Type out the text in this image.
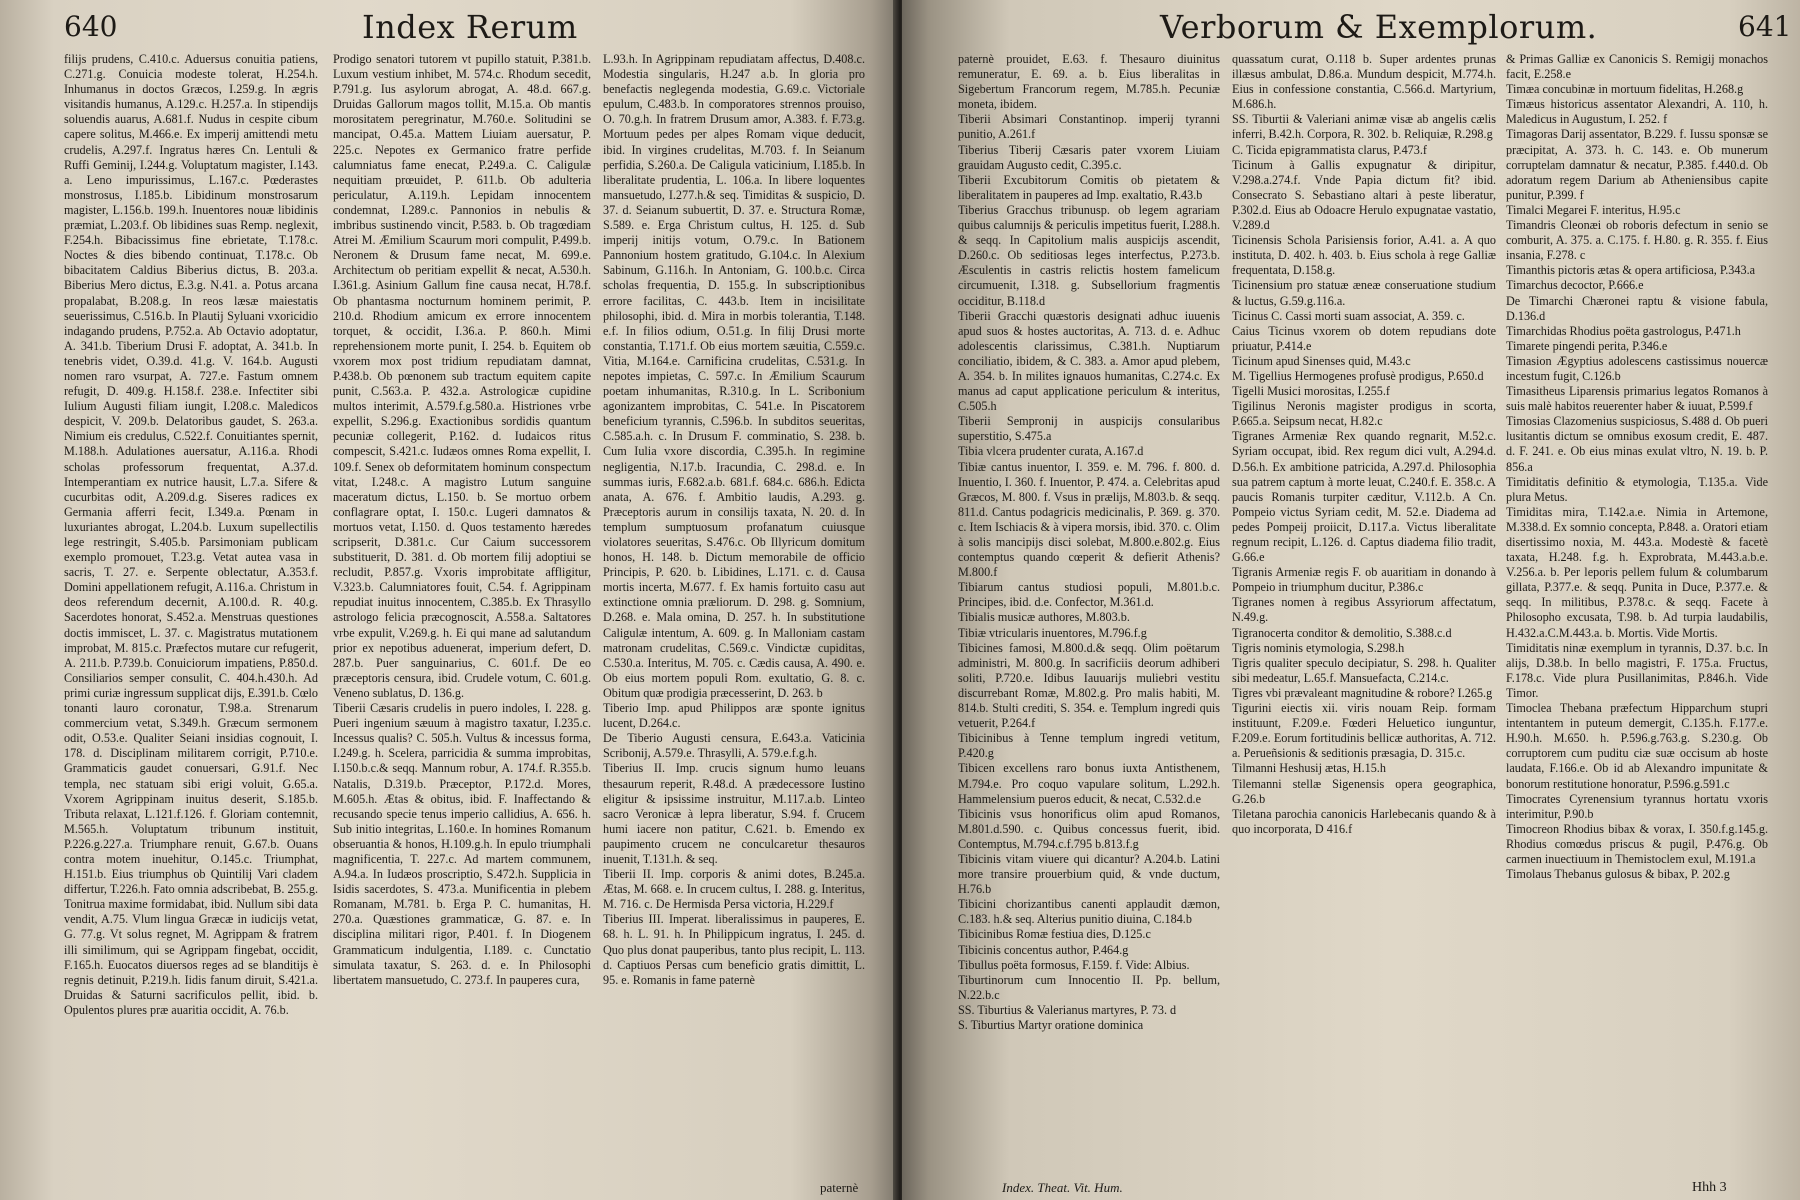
640	Index Rerum

filijs prudens, C.410.c. Aduersus conuitia patiens, C.271.g. Conuicia modeste tolerat, H.254.h. Inhumanus in doctos Græcos, I.259.g. In ægris visitandis humanus, A.129.c. H.257.a. In stipendijs soluendis auarus, A.681.f. Nudus in cespite cibum capere solitus, M.466.e. Ex imperij amittendi metu crudelis, A.297.f. Ingratus hæres Cn. Lentuli & Ruffi Geminij, I.244.g. Voluptatum magister, I.143. a. Leno impurissimus, L.167.c. Pœderastes monstrosus, I.185.b. Libidinum monstrosarum magister, L.156.b. 199.h. Inuentores nouæ libidinis præmiat, L.203.f. Ob libidines suas Remp. neglexit, F.254.h. Bibacissimus fine ebrietate, T.178.c. Noctes & dies bibendo continuat, T.178.c. Ob bibacitatem Caldius Biberius dictus, B. 203.a. Biberius Mero dictus, E.3.g. N.41. a. Potus arcana propalabat, B.208.g. In reos læsæ maiestatis seuerissimus, C.516.b. In Plautij Syluani vxoricidio indagando prudens, P.752.a. Ab Octavio adoptatur, A. 341.b. Tiberium Drusi F. adoptat, A. 341.b. In tenebris videt, O.39.d. 41.g. V. 164.b. Augusti nomen raro vsurpat, A. 727.e. Fastum omnem refugit, D. 409.g. H.158.f. 238.e. Infectiter sibi Iulium Augusti filiam iungit, I.208.c. Maledicos despicit, V. 209.b. Delatoribus gaudet, S. 263.a. Nimium eis credulus, C.522.f. Conuitiantes spernit, M.188.h. Adulationes auersatur, A.116.a. Rhodi scholas professorum frequentat, A.37.d. Intemperantiam ex nutrice hausit, L.7.a. Sifere & cucurbitas odit, A.209.d.g. Siseres radices ex Germania afferri fecit, I.349.a. Pœnam in luxuriantes abrogat, L.204.b. Luxum supellectilis lege restringit, S.405.b. Parsimoniam publicam exemplo promouet, T.23.g. Vetat autea vasa in sacris, T. 27. e. Serpente oblectatur, A.353.f. Domini appellationem refugit, A.116.a. Christum in deos referendum decernit, A.100.d. R. 40.g. Sacerdotes honorat, S.452.a. Menstruas questiones doctis immiscet, L. 37. c. Magistratus mutationem improbat, M. 815.c. Præfectos mutare cur refugerit, A. 211.b. P.739.b. Conuiciorum impatiens, P.850.d. Consiliarios semper consulit, C. 404.h.430.h. Ad primi curiæ ingressum supplicat dijs, E.391.b. Cœlo tonanti lauro coronatur, T.98.a. Strenarum commercium vetat, S.349.h. Græcum sermonem odit, O.53.e. Qualiter Seiani insidias cognouit, I. 178. d. Disciplinam militarem corrigit, P.710.e. Grammaticis gaudet conuersari, G.91.f. Nec templa, nec statuam sibi erigi voluit, G.65.a. Vxorem Agrippinam inuitus deserit, S.185.b. Tributa relaxat, L.121.f.126. f. Gloriam contemnit, M.565.h. Voluptatum tribunum instituit, P.226.g.227.a. Triumphare renuit, G.67.b. Ouans contra motem inuehitur, O.145.c. Triumphat, H.151.b. Eius triumphus ob Quintilij Vari cladem differtur, T.226.h. Fato omnia adscribebat, B. 255.g. Tonitrua maxime formidabat, ibid. Nullum sibi data vendit, A.75. Vlum lingua Græcæ in iudicijs vetat, G. 77.g. Vt solus regnet, M. Agrippam & fratrem illi similimum, qui se Agrippam fingebat, occidit, F.165.h. Euocatos diuersos reges ad se blanditijs è regnis detinuit, P.219.h. Iidis fanum diruit, S.421.a. Druidas & Saturni sacrificulos pellit, ibid. b. Opulentos plures præ auaritia occidit, A. 76.b.

Prodigo senatori tutorem vt pupillo statuit, P.381.b. Luxum vestium inhibet, M. 574.c. Rhodum secedit, P.791.g. Ius asylorum abrogat, A. 48.d. 667.g. Druidas Gallorum magos tollit, M.15.a. Ob mantis morositatem peregrinatur, M.760.e. Solitudini se mancipat, O.45.a. Mattem Liuiam auersatur, P. 225.c. Nepotes ex Germanico fratre perfide calumniatus fame enecat, P.249.a. C. Caligulæ nequitiam prœuidet, P. 611.b. Ob adulteria periculatur, A.119.h. Lepidam innocentem condemnat, I.289.c. Pannonios in nebulis & imbribus sustinendo vincit, P.583. b. Ob tragœdiam Atrei M. Æmilium Scaurum mori compulit, P.499.b. Neronem & Drusum fame necat, M. 699.e. Architectum ob peritiam expellit & necat, A.530.h. I.361.g. Asinium Gallum fine causa necat, H.78.f. Ob phantasma nocturnum hominem perimit, P. 210.d. Rhodium amicum ex errore innocentem torquet, & occidit, I.36.a. P. 860.h. Mimi reprehensionem morte punit, I. 254. b. Equitem ob vxorem mox post tridium repudiatam damnat, P.438.b. Ob pœnonem sub tractum equitem capite punit, C.563.a. P. 432.a. Astrologicæ cupidine multos interimit, A.579.f.g.580.a. Histriones vrbe expellit, S.296.g. Exactionibus sordidis quantum pecuniæ collegerit, P.162. d. Iudaicos ritus compescit, S.421.c. Iudæos omnes Roma expellit, I. 109.f. Senex ob deformitatem hominum conspectum vitat, I.248.c. A magistro Lutum sanguine maceratum dictus, L.150. b. Se mortuo orbem conflagrare optat, I. 150.c. Lugeri damnatos & mortuos vetat, I.150. d. Quos testamento hæredes scripserit, D.381.c. Cur Caium successorem substituerit, D. 381. d. Ob mortem filij adoptiui se recludit, P.857.g. Vxoris improbitate affligitur, V.323.b. Calumniatores fouit, C.54. f. Agrippinam repudiat inuitus innocentem, C.385.b. Ex Thrasyllo astrologo felicia præcognoscit, A.558.a. Saltatores vrbe expulit, V.269.g. h. Ei qui mane ad salutandum prior ex nepotibus aduenerat, imperium defert, D. 287.b. Puer sanguinarius, C. 601.f. De eo præceptoris censura, ibid. Crudele votum, C. 601.g. Veneno sublatus, D. 136.g.

Tiberii Cæsaris crudelis in puero indoles, I. 228. g. Pueri ingenium sæuum à magistro taxatur, I.235.c. Incessus qualis? C. 505.h. Vultus & incessus forma, I.249.g. h. Scelera, parricidia & summa improbitas, I.150.b.c.& seqq. Mannum robur, A. 174.f. R.355.b. Natalis, D.319.b. Præceptor, P.172.d. Mores, M.605.h. Ætas & obitus, ibid. F. Inaffectando & recusando specie tenus imperio callidius, A. 656. h. Sub initio integritas, L.160.e. In homines Romanum obseruantia & honos, H.109.g.h. In epulo triumphali magnificentia, T. 227.c. Ad martem communem, A.94.a. In Iudæos proscriptio, S.472.h. Supplicia in Isidis sacerdotes, S. 473.a. Munificentia in plebem Romanam, M.781. b. Erga P. C. humanitas, H. 270.a. Quæstiones grammaticæ, G. 87. e. In disciplina militari rigor, P.401. f. In Diogenem Grammaticum indulgentia, I.189. c. Cunctatio simulata taxatur, S. 263. d. e. In Philosophi libertatem mansuetudo, C. 273.f. In pauperes cura,

L.93.h. In Agrippinam repudiatam affectus, D.408.c. Modestia singularis, H.247 a.b. In gloria pro benefactis neglegenda modestia, G.69.c. Victoriale epulum, C.483.b. In comporatores strennos prouiso, O. 70.g.h. In fratrem Drusum amor, A.383. f. F.73.g. Mortuum pedes per alpes Romam vique deducit, ibid. In virgines crudelitas, M.703. f. In Seianum perfidia, S.260.a. De Caligula vaticinium, I.185.b. In liberalitate prudentia, L. 106.a. In libere loquentes mansuetudo, I.277.h.& seq. Timiditas & suspicio, D. 37. d. Seianum subuertit, D. 37. e. Structura Romæ, S.589. e. Erga Christum cultus, H. 125. d. Sub imperij initijs votum, O.79.c. In Bationem Pannonium hostem gratitudo, G.104.c. In Alexium Sabinum, G.116.h. In Antoniam, G. 100.b.c. Circa scholas frequentia, D. 155.g. In subscriptionibus errore facilitas, C. 443.b. Item in incisilitate philosophi, ibid. d. Mira in morbis tolerantia, T.148. e.f. In filios odium, O.51.g. In filij Drusi morte constantia, T.171.f. Ob eius mortem sæuitia, C.559.c. Vitia, M.164.e. Carnificina crudelitas, C.531.g. In nepotes impietas, C. 597.c. In Æmilium Scaurum poetam inhumanitas, R.310.g. In L. Scribonium agonizantem improbitas, C. 541.e. In Piscatorem beneficium tyrannis, C.596.b. In subditos seueritas, C.585.a.h. c. In Drusum F. comminatio, S. 238. b. Cum Iulia vxore discordia, C.395.h. In regimine negligentia, N.17.b. Iracundia, C. 298.d. e. In summas iuris, F.682.a.b. 681.f. 684.c. 686.h. Edicta anata, A. 676. f. Ambitio laudis, A.293. g. Præceptoris aurum in consilijs taxata, N. 20. d. In templum sumptuosum profanatum cuiusque violatores seueritas, S.476.c. Ob Illyricum domitum honos, H. 148. b. Dictum memorabile de officio Principis, P. 620. b. Libidines, L.171. c. d. Causa mortis incerta, M.677. f. Ex hamis fortuito casu aut extinctione omnia præliorum. D. 298. g. Somnium, D.268. e. Mala omina, D. 257. h. In substitutione Caligulæ intentum, A. 609. g. In Malloniam castam matronam crudelitas, C.569.c. Vindictæ cupiditas, C.530.a. Interitus, M. 705. c. Cædis causa, A. 490. e. Ob eius mortem populi Rom. exultatio, G. 8. c. Obitum quæ prodigia præcesserint, D. 263. b

Tiberio Imp. apud Philippos aræ sponte ignitus lucent, D.264.c.

De Tiberio Augusti censura, E.643.a. Vaticinia Scribonij, A.579.e. Thrasylli, A. 579.e.f.g.h.

Tiberius II. Imp. crucis signum humo leuans thesaurum reperit, R.48.d. A prædecessore Iustino eligitur & ipsissime instruitur, M.117.a.b. Linteo sacro Veronicæ à lepra liberatur, S.94. f. Crucem humi iacere non patitur, C.621. b. Emendo ex paupimento crucem ne conculcaretur thesauros inuenit, T.131.h. & seq.

Tiberii II. Imp. corporis & animi dotes, B.245.a. Ætas, M. 668. e. In crucem cultus, I. 288. g. Interitus, M. 716. c. De Hermisda Persa victoria, H.229.f

Tiberius III. Imperat. liberalissimus in pauperes, E. 68. h. L. 91. h. In Philippicum ingratus, I. 245. d. Quo plus donat pauperibus, tanto plus recipit, L. 113. d. Captiuos Persas cum beneficio gratis dimittit, L. 95. e. Romanis in fame paternè

paternè
Verborum & Exemplorum.	641

paternè prouidet, E.63. f. Thesauro diuinitus remuneratur, E. 69. a. b. Eius liberalitas in Sigebertum Francorum regem, M.785.h. Pecuniæ moneta, ibidem.

Tiberii Absimari Constantinop. imperij tyranni punitio, A.261.f

Tiberius Tiberij Cæsaris pater vxorem Liuiam grauidam Augusto cedit, C.395.c.

Tiberii Excubitorum Comitis ob pietatem & liberalitatem in pauperes ad Imp. exaltatio, R.43.b

Tiberius Gracchus tribunusp. ob legem agrariam quibus calumnijs & periculis impetitus fuerit, I.288.h. & seqq. In Capitolium malis auspicijs ascendit, D.260.c. Ob seditiosas leges interfectus, P.273.b. Æsculentis in castris relictis hostem famelicum circumuenit, I.318. g. Subsellorium fragmentis occiditur, B.118.d

Tiberii Gracchi quæstoris designati adhuc iuuenis apud suos & hostes auctoritas, A. 713. d. e. Adhuc adolescentis clarissimus, C.381.h. Nuptiarum conciliatio, ibidem, & C. 383. a. Amor apud plebem, A. 354. b. In milites ignauos humanitas, C.274.c. Ex manus ad caput applicatione periculum & interitus, C.505.h

Tiberii Sempronij in auspicijs consularibus superstitio, S.475.a

Tibia vlcera prudenter curata, A.167.d

Tibiæ cantus inuentor, I. 359. e. M. 796. f. 800. d. Inuentio, I. 360. f. Inuentor, P. 474. a. Celebritas apud Græcos, M. 800. f. Vsus in prælijs, M.803.b. & seqq. 811.d. Cantus podagricis medicinalis, P. 369. g. 370. c. Item Ischiacis & à vipera morsis, ibid. 370. c. Olim à solis mancipijs disci solebat, M.800.e.802.g. Eius contemptus quando cœperit & defierit Athenis? M.800.f

Tibiarum cantus studiosi populi, M.801.b.c. Principes, ibid. d.e. Confector, M.361.d.

Tibialis musicæ authores, M.803.b.

Tibiæ vtricularis inuentores, M.796.f.g

Tibicines famosi, M.800.d.& seqq. Olim poëtarum administri, M. 800.g. In sacrificiis deorum adhiberi soliti, P.720.e. Idibus Iauuarijs muliebri vestitu discurrebant Romæ, M.802.g. Pro malis habiti, M. 814.b. Stulti crediti, S. 354. e. Templum ingredi quis vetuerit, P.264.f

Tibicinibus à Tenne templum ingredi vetitum, P.420.g

Tibicen excellens raro bonus iuxta Antisthenem, M.794.e. Pro coquo vapulare solitum, L.292.h. Hammelensium pueros educit, & necat, C.532.d.e

Tibicinis vsus honorificus olim apud Romanos, M.801.d.590. c. Quibus concessus fuerit, ibid. Contemptus, M.794.c.f.795 b.813.f.g

Tibicinis vitam viuere qui dicantur? A.204.b. Latini more transire prouerbium quid, & vnde ductum, H.76.b

Tibicini chorizantibus canenti applaudit dæmon, C.183. h.& seq. Alterius punitio diuina, C.184.b

Tibicinibus Romæ festiua dies, D.125.c

Tibicinis concentus author, P.464.g

Tibullus poëta formosus, F.159. f. Vide: Albius.

Tiburtinorum cum Innocentio II. Pp. bellum, N.22.b.c

SS. Tiburtius & Valerianus martyres, P. 73. d

S. Tiburtius Martyr oratione dominica

quassatum curat, O.118 b. Super ardentes prunas illæsus ambulat, D.86.a. Mundum despicit, M.774.h. Eius in confessione constantia, C.566.d. Martyrium, M.686.h.

SS. Tiburtii & Valeriani animæ visæ ab angelis cælis inferri, B.42.h. Corpora, R. 302. b. Reliquiæ, R.298.g

C. Ticida epigrammatista clarus, P.473.f

Ticinum à Gallis expugnatur & diripitur, V.298.a.274.f. Vnde Papia dictum fit? ibid. Consecrato S. Sebastiano altari à peste liberatur, P.302.d. Eius ab Odoacre Herulo expugnatae vastatio, V.289.d

Ticinensis Schola Parisiensis forior, A.41. a. A quo instituta, D. 402. h. 403. b. Eius schola à rege Galliæ frequentata, D.158.g.

Ticinensium pro statuæ æneæ conseruatione studium & luctus, G.59.g.116.a.

Ticinus C. Cassi morti suam associat, A. 359. c.

Caius Ticinus vxorem ob dotem repudians dote priuatur, P.414.e

Ticinum apud Sinenses quid, M.43.c

M. Tigellius Hermogenes profusè prodigus, P.650.d

Tigelli Musici morositas, I.255.f

Tigilinus Neronis magister prodigus in scorta, P.665.a. Seipsum necat, H.82.c

Tigranes Armeniæ Rex quando regnarit, M.52.c. Syriam occupat, ibid. Rex regum dici vult, A.294.d. D.56.h. Ex ambitione patricida, A.297.d. Philosophia sua patrem captum à morte leuat, C.240.f. E. 358.c. A paucis Romanis turpiter cæditur, V.112.b. A Cn. Pompeio victus Syriam cedit, M. 52.e. Diadema ad pedes Pompeij proiicit, D.117.a. Victus liberalitate regnum recipit, L.126. d. Captus diadema filio tradit, G.66.e

Tigranis Armeniæ regis F. ob auaritiam in donando à Pompeio in triumphum ducitur, P.386.c

Tigranes nomen à regibus Assyriorum affectatum, N.49.g.

Tigranocerta conditor & demolitio, S.388.c.d

Tigris nominis etymologia, S.298.h

Tigris qualiter speculo decipiatur, S. 298. h. Qualiter sibi medeatur, L.65.f. Mansuefacta, C.214.c.

Tigres vbi prævaleant magnitudine & robore? I.265.g

Tigurini eiectis xii. viris nouam Reip. formam instituunt, F.209.e. Fœderi Heluetico iunguntur, F.209.e. Eorum fortitudinis bellicæ authoritas, A. 712. a. Perueñsionis & seditionis præsagia, D. 315.c.

Tilmanni Heshusij ætas, H.15.h

Tilemanni stellæ Sigenensis opera geographica, G.26.b

Tiletana parochia canonicis Harlebecanis quando & à quo incorporata, D 416.f

& Primas Galliæ ex Canonicis S. Remigij monachos facit, E.258.e

Timæa concubinæ in mortuum fidelitas, H.268.g

Timæus historicus assentator Alexandri, A. 110, h. Maledicus in Augustum, I. 252. f

Timagoras Darij assentator, B.229. f. Iussu sponsæ se præcipitat, A. 373. h. C. 143. e. Ob munerum corruptelam damnatur & necatur, P.385. f.440.d. Ob adoratum regem Darium ab Atheniensibus capite punitur, P.399. f

Timalci Megarei F. interitus, H.95.c

Timandris Cleonæi ob roboris defectum in senio se comburit, A. 375. a. C.175. f. H.80. g. R. 355. f. Eius insania, F.278. c

Timanthis pictoris ætas & opera artificiosa, P.343.a

Timarchus decoctor, P.666.e

De Timarchi Chæronei raptu & visione fabula, D.136.d

Timarchidas Rhodius poëta gastrologus, P.471.h

Timarete pingendi perita, P.346.e

Timasion Ægyptius adolescens castissimus nouercæ incestum fugit, C.126.b

Timasitheus Liparensis primarius legatos Romanos à suis malè habitos reuerenter haber & iuuat, P.599.f

Timosias Clazomenius suspiciosus, S.488 d. Ob pueri lusitantis dictum se omnibus exosum credit, E. 487. d. F. 241. e. Ob eius minas exulat vltro, N. 19. b. P. 856.a

Timiditatis definitio & etymologia, T.135.a. Vide plura Metus.

Timiditas mira, T.142.a.e. Nimia in Artemone, M.338.d. Ex somnio concepta, P.848. a. Oratori etiam disertissimo noxia, M. 443.a. Modestè & facetè taxata, H.248. f.g. h. Exprobrata, M.443.a.b.e. V.256.a. b. Per leporis pellem fulum & columbarum gillata, P.377.e. & seqq. Punita in Duce, P.377.e. & seqq. In militibus, P.378.c. & seqq. Facete à Philosopho excusata, T.98. b. Ad turpia laudabilis, H.432.a.C.M.443.a. b. Mortis. Vide Mortis.

Timiditatis ninæ exemplum in tyrannis, D.37. b.c. In alijs, D.38.b. In bello magistri, F. 175.a. Fructus, F.178.c. Vide plura Pusillanimitas, P.846.h. Vide Timor.

Timoclea Thebana præfectum Hipparchum stupri intentantem in puteum demergit, C.135.h. F.177.e. H.90.h. M.650. h. P.596.g.763.g. S.230.g. Ob corruptorem cum puditu ciæ suæ occisum ab hoste laudata, F.166.e. Ob id ab Alexandro impunitate & bonorum restitutione honoratur, P.596.g.591.c

Timocrates Cyrenensium tyrannus hortatu vxoris interimitur, P.90.b

Timocreon Rhodius bibax & vorax, I. 350.f.g.145.g. Rhodius comœdus priscus & pugil, P.476.g. Ob carmen inuectiuum in Themistoclem exul, M.191.a

Timolaus Thebanus gulosus & bibax, P. 202.g

Index. Theat. Vit. Hum.	Hhh 3
